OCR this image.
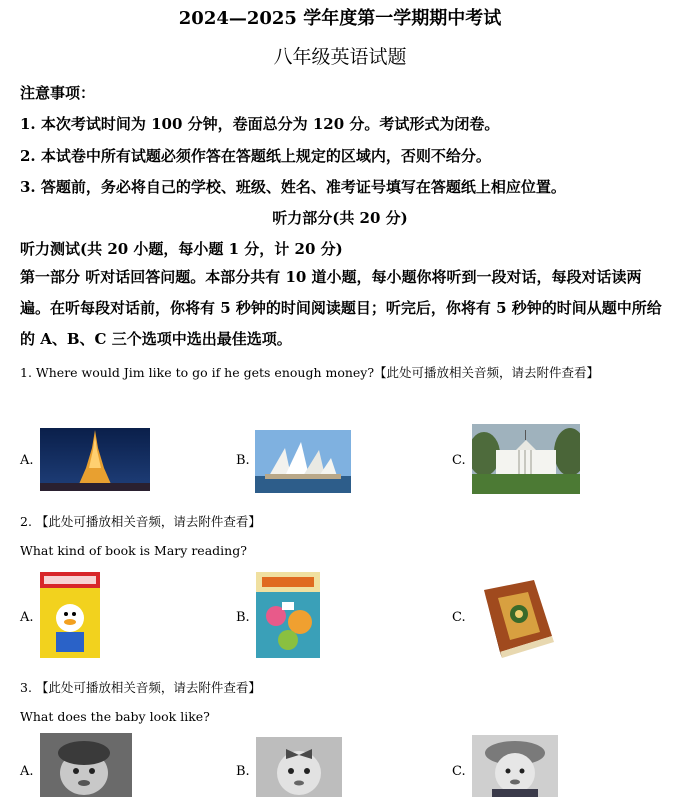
2024—2025 学年度第一学期期中考试
八年级英语试题
注意事项：
1. 本次考试时间为 100 分钟，卷面总分为 120 分。考试形式为闭卷。
2. 本试卷中所有试题必须作答在答题纸上规定的区域内，否则不给分。
3. 答题前，务必将自己的学校、班级、姓名、准考证号填写在答题纸上相应位置。
听力部分(共 20 分)
听力测试(共 20 小题，每小题 1 分，计 20 分)
第一部分 听对话回答问题。本部分共有 10 道小题，每小题你将听到一段对话，每段对话读两遍。在听每段对话前，你将有 5 秒钟的时间阅读题目；听完后，你将有 5 秒钟的时间从题中所给的 A、B、C 三个选项中选出最佳选项。
1. Where would Jim like to go if he gets enough money?【此处可播放相关音频，请去附件查看】
A.	B.	C.
2. 【此处可播放相关音频，请去附件查看】
What kind of book is Mary reading?
A.	B.	C.
3. 【此处可播放相关音频，请去附件查看】
What does the baby look like?
A.	B.	C.
